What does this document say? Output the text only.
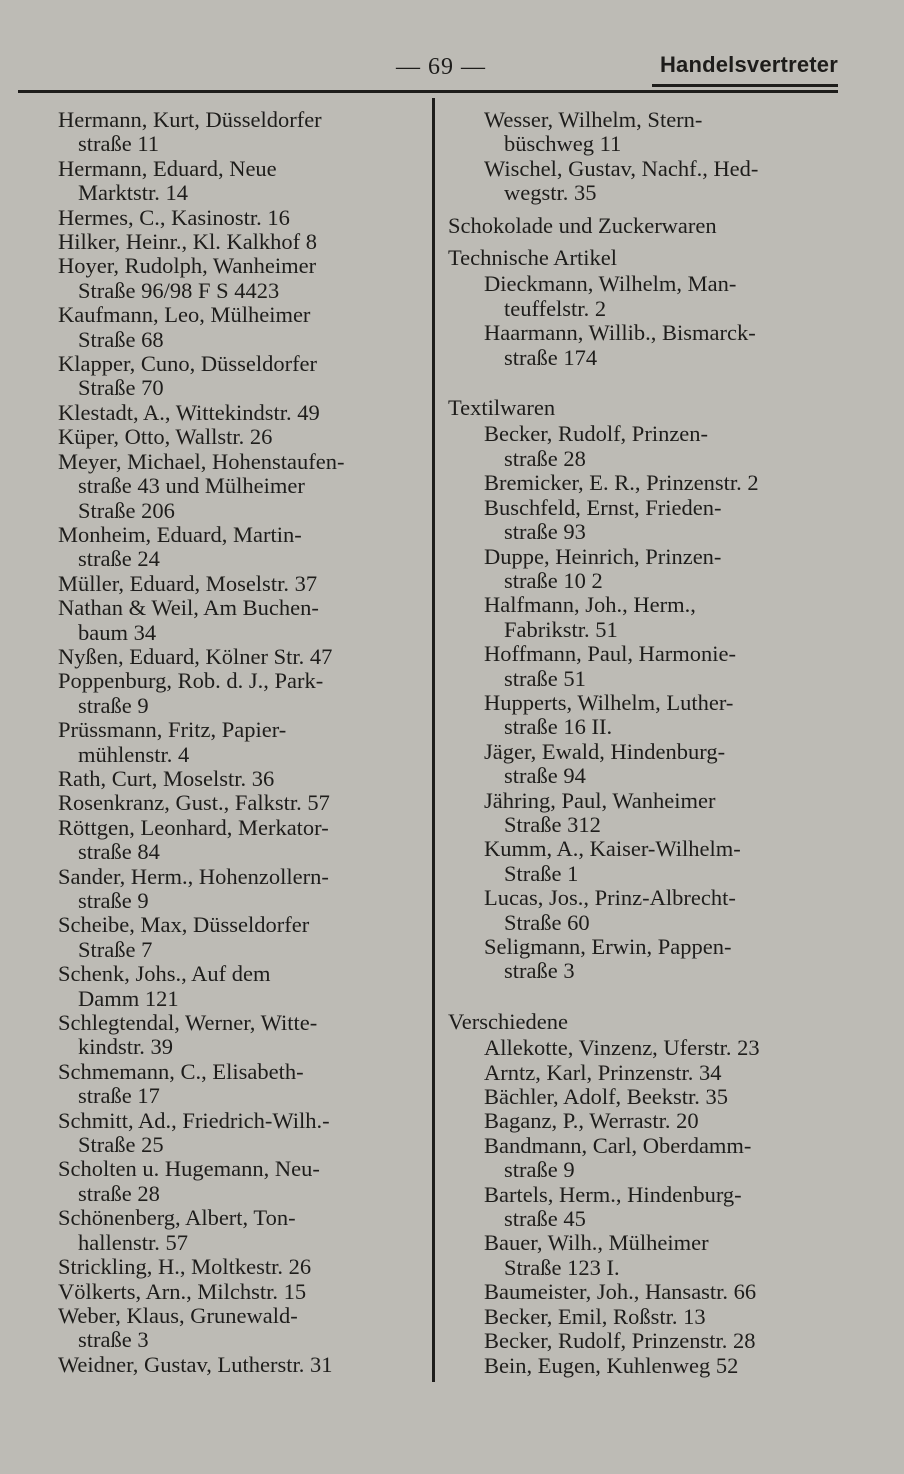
— 69 —	Handelsvertreter
Hermann, Kurt, Düsseldorfer
straße 11
Hermann, Eduard, Neue
Marktstr. 14
Hermes, C., Kasinostr. 16
Hilker, Heinr., Kl. Kalkhof 8
Hoyer, Rudolph, Wanheimer
Straße 96/98 F S 4423
Kaufmann, Leo, Mülheimer
Straße 68
Klapper, Cuno, Düsseldorfer
Straße 70
Klestadt, A., Wittekindstr. 49
Küper, Otto, Wallstr. 26
Meyer, Michael, Hohenstaufen-
straße 43 und Mülheimer
Straße 206
Monheim, Eduard, Martin-
straße 24
Müller, Eduard, Moselstr. 37
Nathan & Weil, Am Buchen-
baum 34
Nyßen, Eduard, Kölner Str. 47
Poppenburg, Rob. d. J., Park-
straße 9
Prüssmann, Fritz, Papier-
mühlenstr. 4
Rath, Curt, Moselstr. 36
Rosenkranz, Gust., Falkstr. 57
Röttgen, Leonhard, Merkator-
straße 84
Sander, Herm., Hohenzollern-
straße 9
Scheibe, Max, Düsseldorfer
Straße 7
Schenk, Johs., Auf dem
Damm 121
Schlegtendal, Werner, Witte-
kindstr. 39
Schmemann, C., Elisabeth-
straße 17
Schmitt, Ad., Friedrich-Wilh.-
Straße 25
Scholten u. Hugemann, Neu-
straße 28
Schönenberg, Albert, Ton-
hallenstr. 57
Strickling, H., Moltkestr. 26
Völkerts, Arn., Milchstr. 15
Weber, Klaus, Grunewald-
straße 3
Weidner, Gustav, Lutherstr. 31
Wesser, Wilhelm, Stern-
büschweg 11
Wischel, Gustav, Nachf., Hed-
wegstr. 35
Schokolade und Zuckerwaren
Technische Artikel
Dieckmann, Wilhelm, Man-
teuffelstr. 2
Haarmann, Willib., Bismarck-
straße 174
Textilwaren
Becker, Rudolf, Prinzen-
straße 28
Bremicker, E. R., Prinzenstr. 2
Buschfeld, Ernst, Frieden-
straße 93
Duppe, Heinrich, Prinzen-
straße 10 2
Halfmann, Joh., Herm.,
Fabrikstr. 51
Hoffmann, Paul, Harmonie-
straße 51
Hupperts, Wilhelm, Luther-
straße 16 II.
Jäger, Ewald, Hindenburg-
straße 94
Jähring, Paul, Wanheimer
Straße 312
Kumm, A., Kaiser-Wilhelm-
Straße 1
Lucas, Jos., Prinz-Albrecht-
Straße 60
Seligmann, Erwin, Pappen-
straße 3
Verschiedene
Allekotte, Vinzenz, Uferstr. 23
Arntz, Karl, Prinzenstr. 34
Bächler, Adolf, Beekstr. 35
Baganz, P., Werrastr. 20
Bandmann, Carl, Oberdamm-
straße 9
Bartels, Herm., Hindenburg-
straße 45
Bauer, Wilh., Mülheimer
Straße 123 I.
Baumeister, Joh., Hansastr. 66
Becker, Emil, Roßstr. 13
Becker, Rudolf, Prinzenstr. 28
Bein, Eugen, Kuhlenweg 52
